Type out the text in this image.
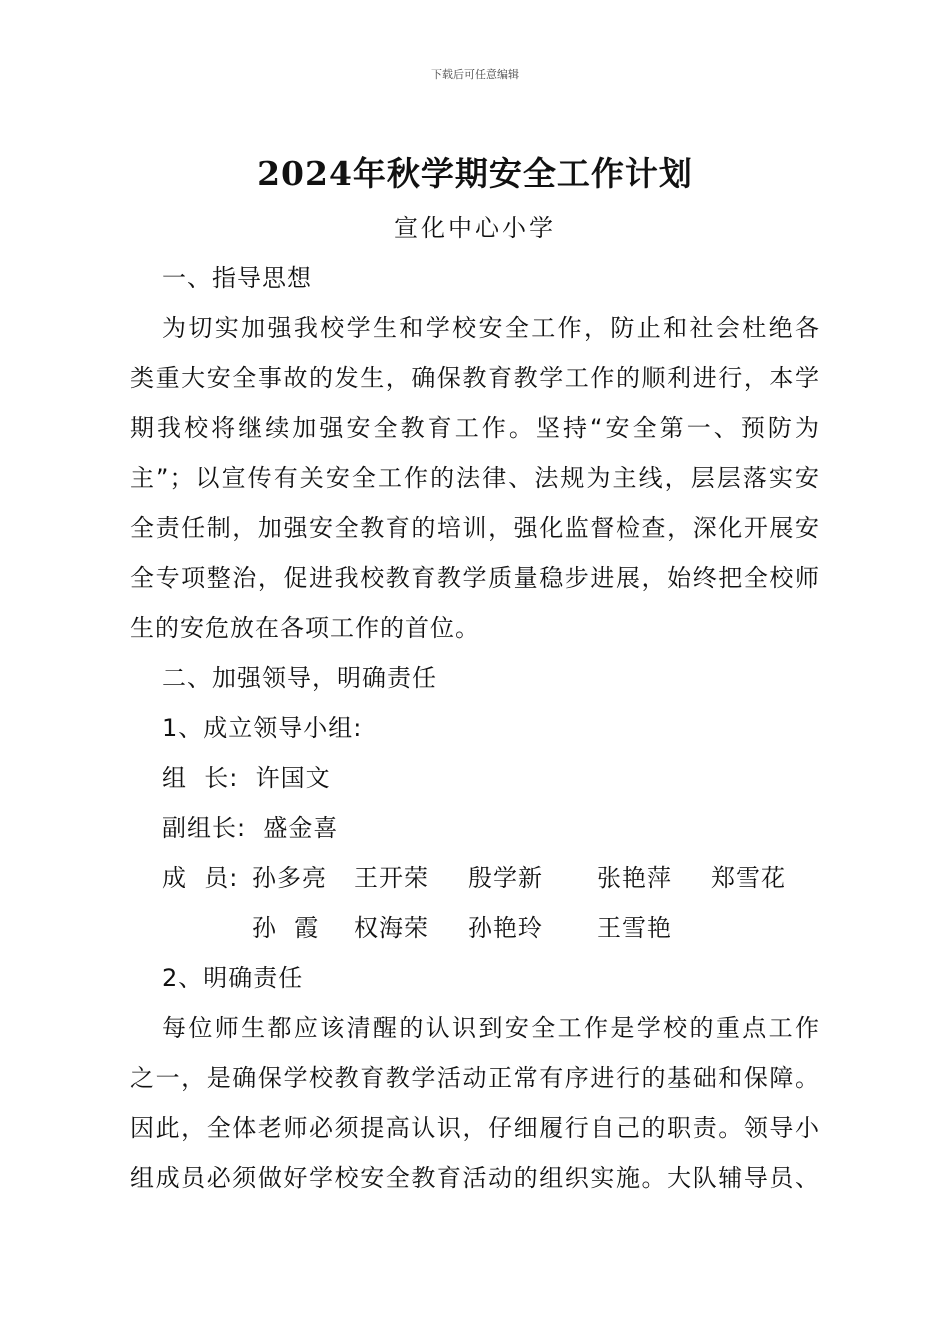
下载后可任意编辑
2024年秋学期安全工作计划
宣化中心小学
一、指导思想
为切实加强我校学生和学校安全工作，防止和社会杜绝各
类重大安全事故的发生，确保教育教学工作的顺利进行，本学
期我校将继续加强安全教育工作。坚持“安全第一、预防为
主”；以宣传有关安全工作的法律、法规为主线，层层落实安
全责任制，加强安全教育的培训，强化监督检查，深化开展安
全专项整治，促进我校教育教学质量稳步进展，始终把全校师
生的安危放在各项工作的首位。
二、加强领导，明确责任
1、成立领导小组:
组  长:  许国文
副组长:  盛金喜
成  员: 孙多亮 王开荣 殷学新 张艳萍 郑雪花
孙  霞 权海荣 孙艳玲 王雪艳
2、明确责任
每位师生都应该清醒的认识到安全工作是学校的重点工作
之一，是确保学校教育教学活动正常有序进行的基础和保障。
因此，全体老师必须提高认识，仔细履行自己的职责。领导小
组成员必须做好学校安全教育活动的组织实施。大队辅导员、
